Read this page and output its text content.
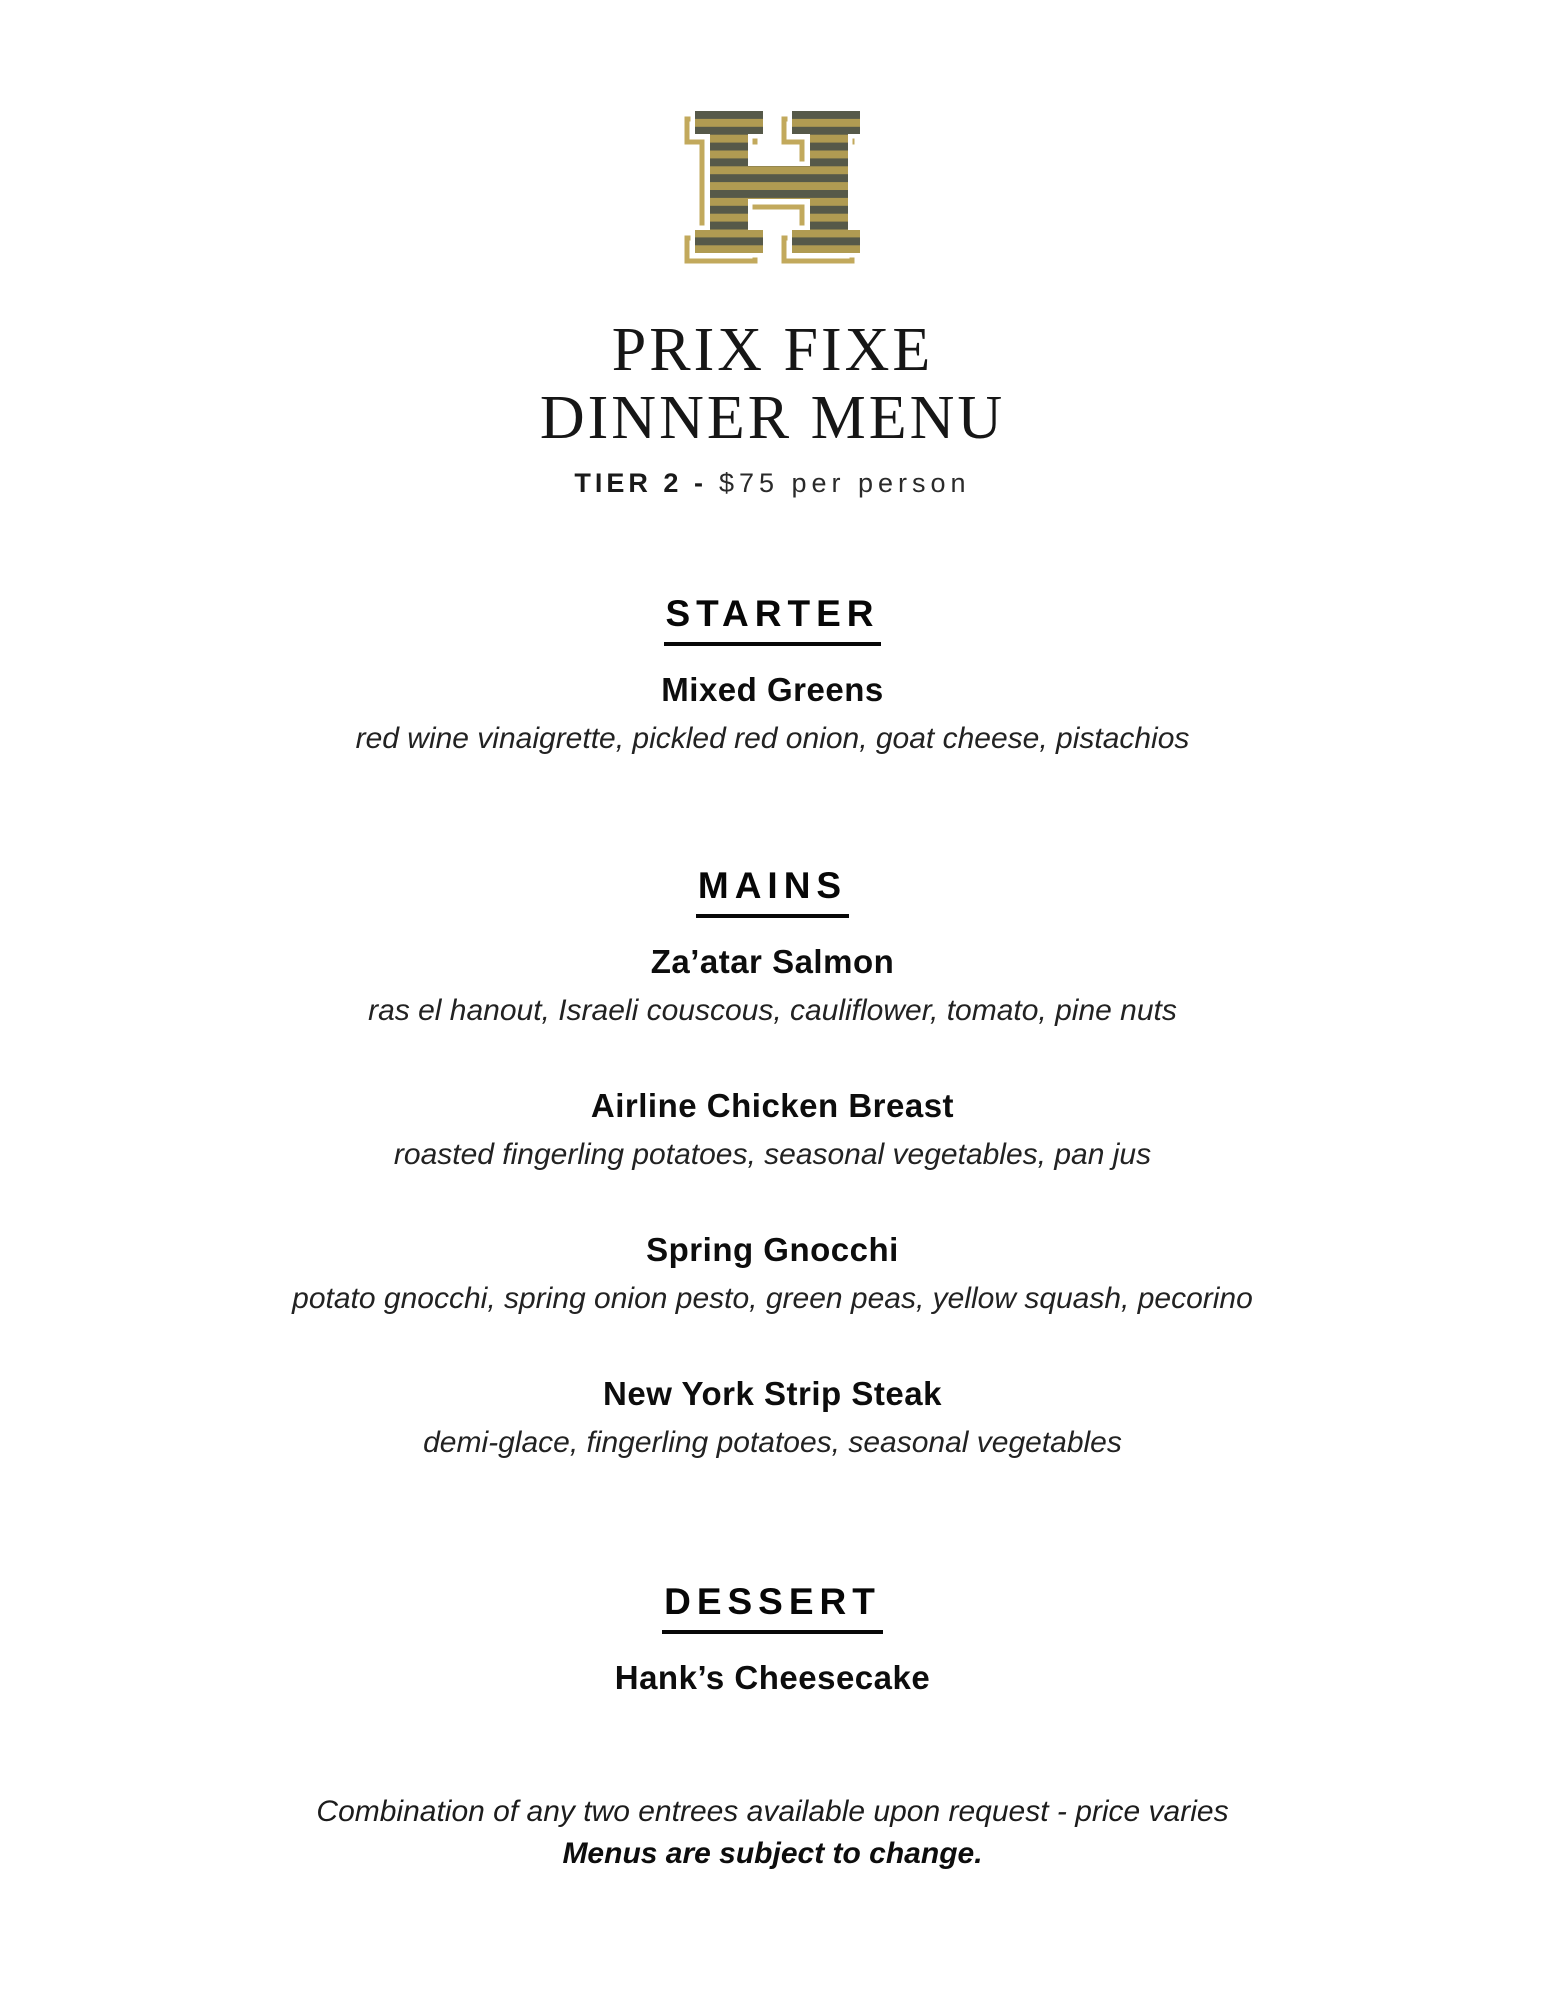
PRIX FIXE
DINNER MENU
TIER 2 - $75 per person
STARTER
Mixed Greens
red wine vinaigrette, pickled red onion, goat cheese, pistachios
MAINS
Za’atar Salmon
ras el hanout, Israeli couscous, cauliflower, tomato, pine nuts
Airline Chicken Breast
roasted fingerling potatoes, seasonal vegetables, pan jus
Spring Gnocchi
potato gnocchi, spring onion pesto, green peas, yellow squash, pecorino
New York Strip Steak
demi-glace, fingerling potatoes, seasonal vegetables
DESSERT
Hank’s Cheesecake
Combination of any two entrees available upon request - price varies
Menus are subject to change.
